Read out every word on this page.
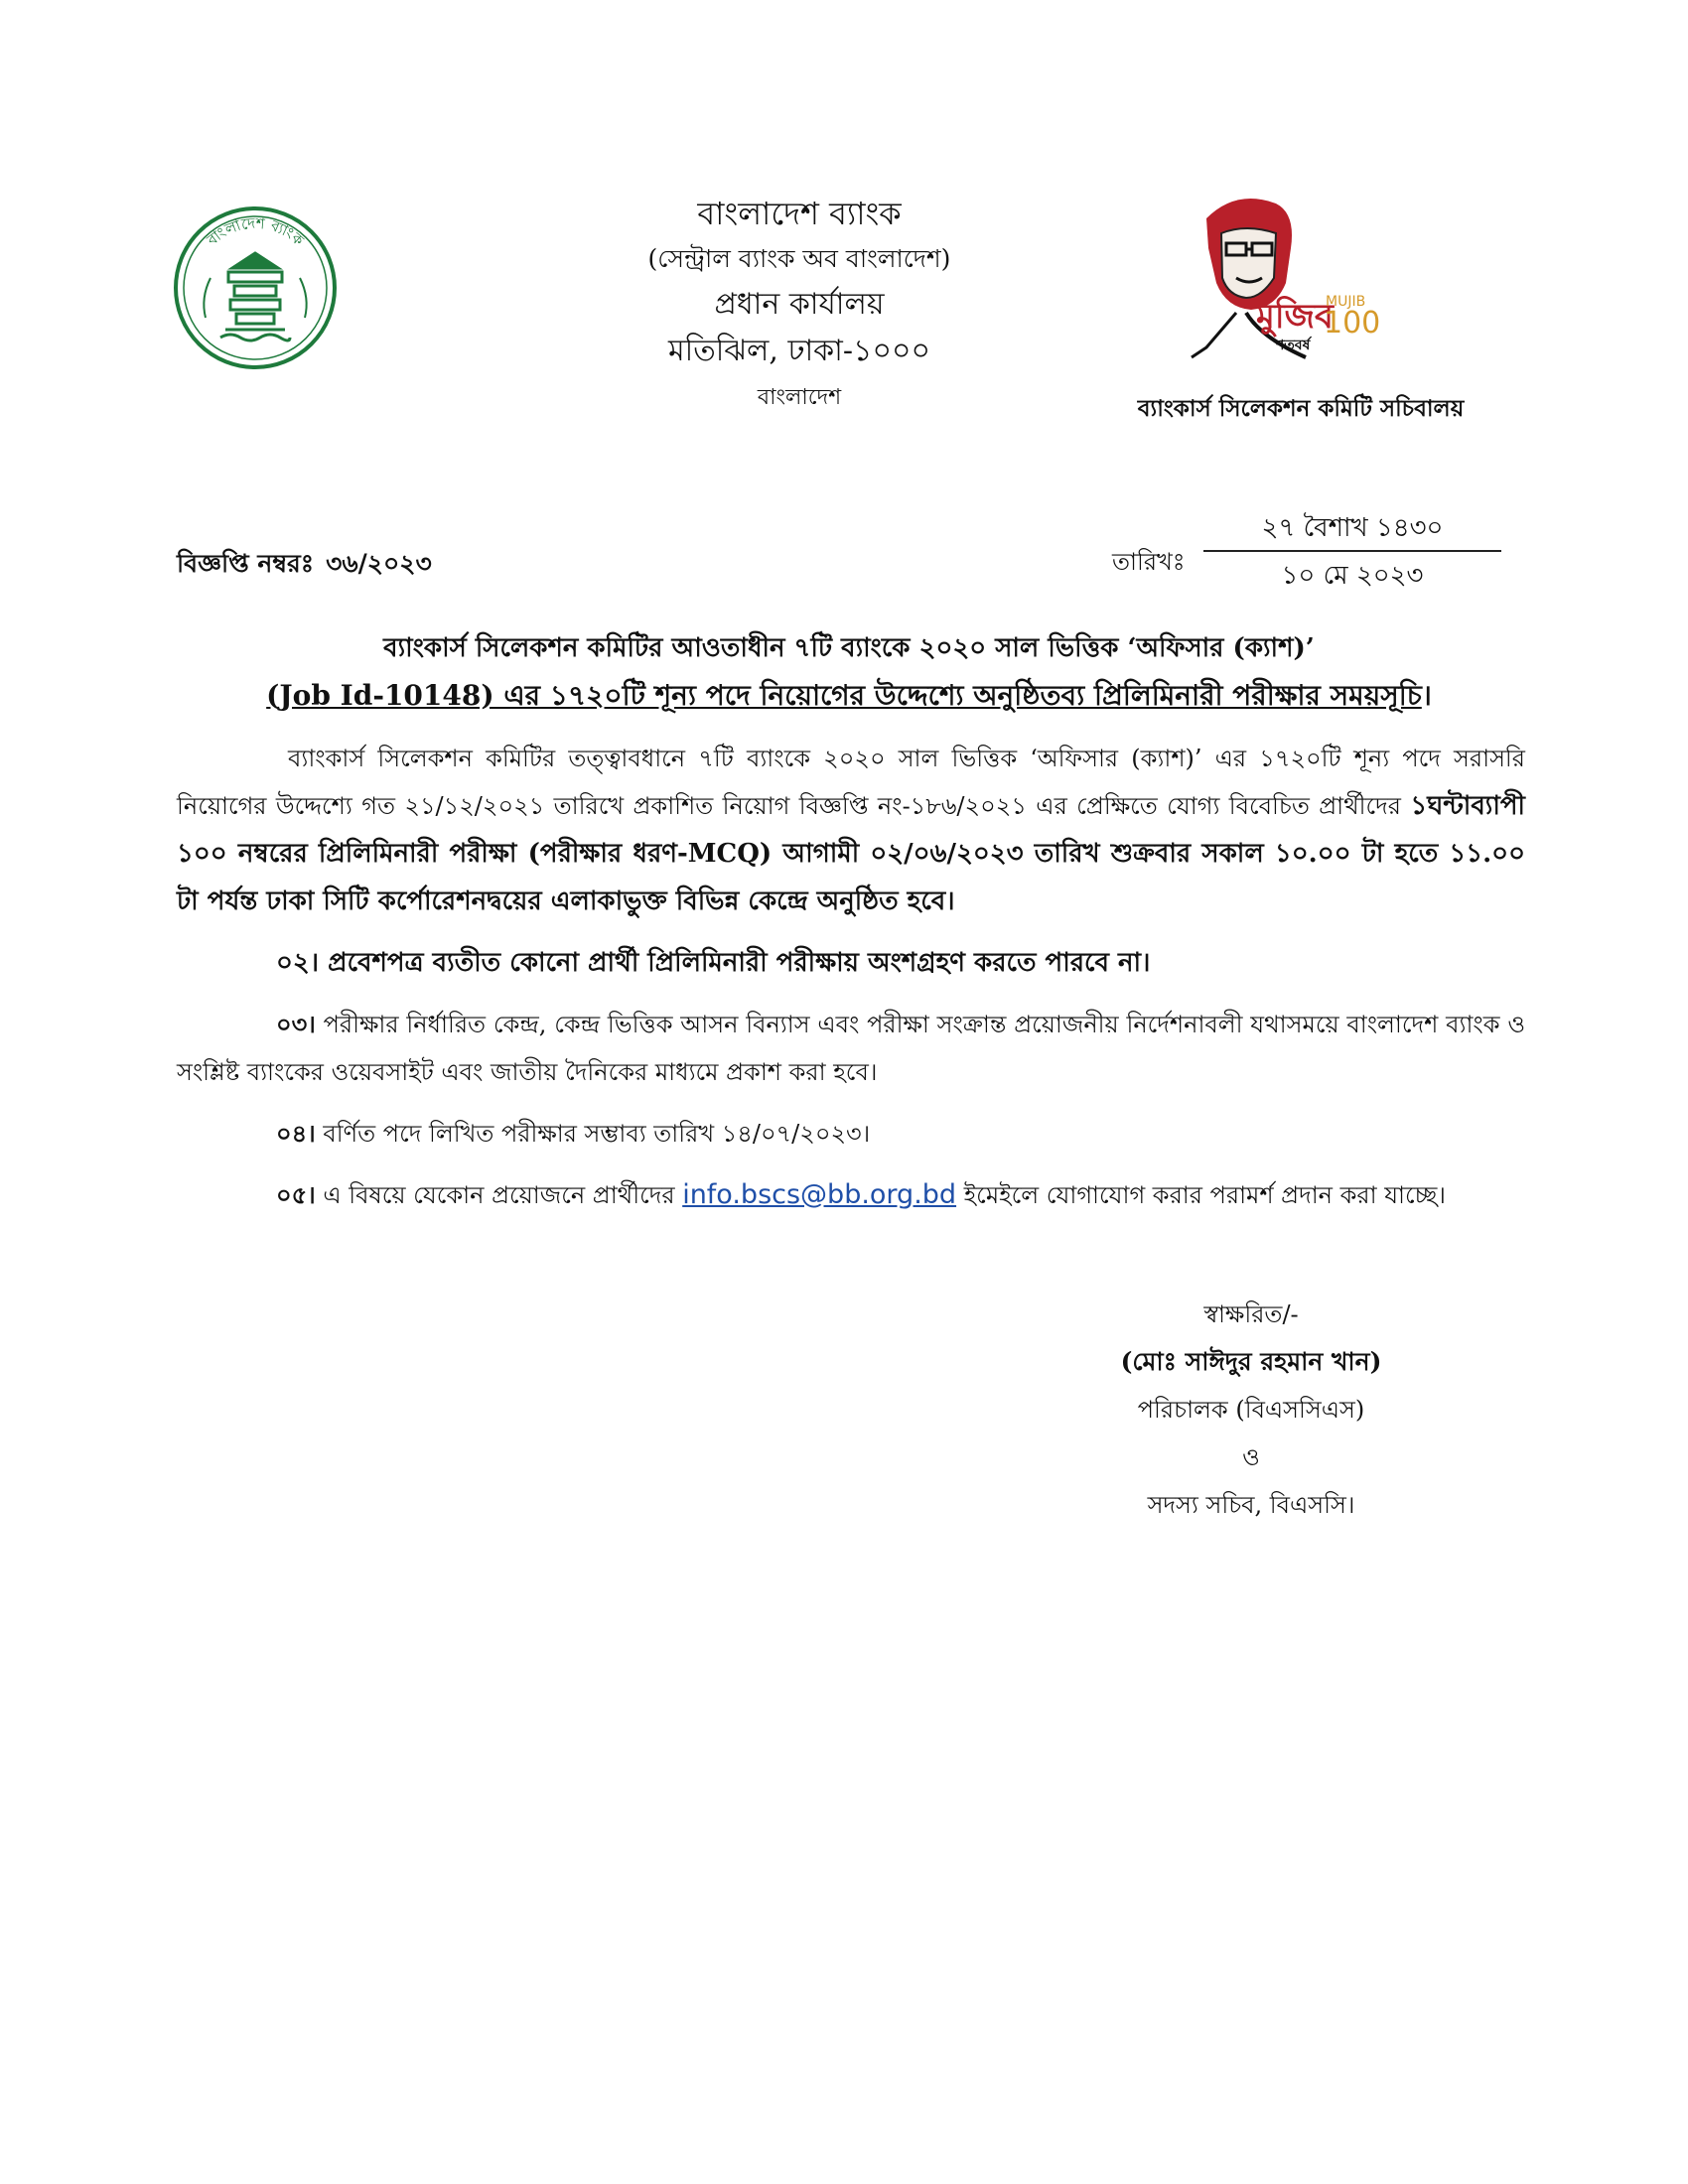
বাংলাদেশ ব্যাংক
বাংলাদেশ ব্যাংক
(সেন্ট্রাল ব্যাংক অব বাংলাদেশ)
প্রধান কার্যালয়
মতিঝিল, ঢাকা-১০০০
বাংলাদেশ
মুজিব
MUJIB
100
শতবর্ষ
ব্যাংকার্স সিলেকশন কমিটি সচিবালয়
বিজ্ঞপ্তি নম্বরঃ ৩৬/২০২৩	তারিখঃ
২৭ বৈশাখ ১৪৩০
১০ মে ২০২৩
ব্যাংকার্স সিলেকশন কমিটির আওতাধীন ৭টি ব্যাংকে ২০২০ সাল ভিত্তিক ‘অফিসার (ক্যাশ)’
(Job Id-10148) এর ১৭২০টি শূন্য পদে নিয়োগের উদ্দেশ্যে অনুষ্ঠিতব্য প্রিলিমিনারী পরীক্ষার সময়সূচি।
ব্যাংকার্স সিলেকশন কমিটির তত্ত্বাবধানে ৭টি ব্যাংকে ২০২০ সাল ভিত্তিক ‘অফিসার (ক্যাশ)’ এর ১৭২০টি শূন্য পদে সরাসরি নিয়োগের উদ্দেশ্যে গত ২১/১২/২০২১ তারিখে প্রকাশিত নিয়োগ বিজ্ঞপ্তি নং-১৮৬/২০২১ এর প্রেক্ষিতে যোগ্য বিবেচিত প্রার্থীদের ১ঘন্টাব্যাপী ১০০ নম্বরের প্রিলিমিনারী পরীক্ষা (পরীক্ষার ধরণ-MCQ) আগামী ০২/০৬/২০২৩ তারিখ শুক্রবার সকাল ১০.০০ টা হতে ১১.০০ টা পর্যন্ত ঢাকা সিটি কর্পোরেশনদ্বয়ের এলাকাভুক্ত বিভিন্ন কেন্দ্রে অনুষ্ঠিত হবে।
০২। প্রবেশপত্র ব্যতীত কোনো প্রার্থী প্রিলিমিনারী পরীক্ষায় অংশগ্রহণ করতে পারবে না।
০৩। পরীক্ষার নির্ধারিত কেন্দ্র, কেন্দ্র ভিত্তিক আসন বিন্যাস এবং পরীক্ষা সংক্রান্ত প্রয়োজনীয় নির্দেশনাবলী যথাসময়ে বাংলাদেশ ব্যাংক ও সংশ্লিষ্ট ব্যাংকের ওয়েবসাইট এবং জাতীয় দৈনিকের মাধ্যমে প্রকাশ করা হবে।
০৪। বর্ণিত পদে লিখিত পরীক্ষার সম্ভাব্য তারিখ ১৪/০৭/২০২৩।
০৫। এ বিষয়ে যেকোন প্রয়োজনে প্রার্থীদের info.bscs@bb.org.bd ইমেইলে যোগাযোগ করার পরামর্শ প্রদান করা যাচ্ছে।
স্বাক্ষরিত/-
(মোঃ সাঈদুর রহমান খান)
পরিচালক (বিএসসিএস)
ও
সদস্য সচিব, বিএসসি।
